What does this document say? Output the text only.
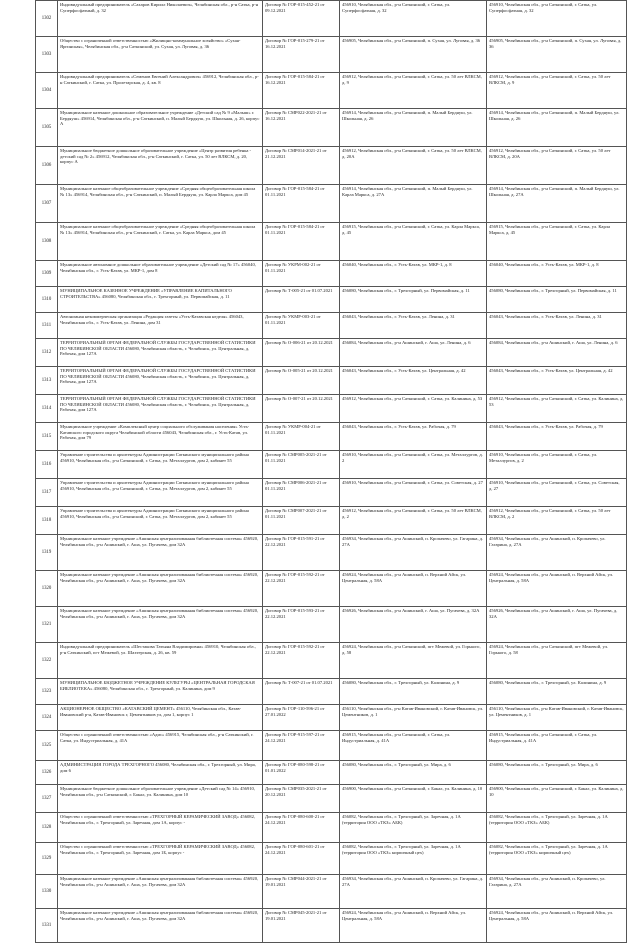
1302	Индивидуальный предприниматель «Сахаров Кирилл Николаевич», Челябинская обл., р-н Сатка, р-н Суперфосфатный, д. 32	Договор № ГОР-015-452-21 от 09.12.2021	456910, Челябинская обл., р-н Саткинский, г. Сатка, ул. Суперфосфатная, д. 32	456910, Челябинская обл., р-н Саткинский, г. Сатка, ул. Суперфосфатная, д. 32
1303	Общество с ограниченной ответственностью «Жилищно-коммунальное хозяйство» «Сухая-Яргинская», Челябинская обл., р-н Саткинский, ул. Сухая, ул. Луговая, д. 36	Договор № ГОР-015-279-21 от 16.12.2021	456905, Челябинская обл., р-н Саткинский, п. Сухая, ул. Луговая, д. 36	456905, Челябинская обл., р-н Саткинский, п. Сухая, ул. Луговая, д. 36
1304	Индивидуальный предприниматель «Семенов Евгений Александрович» 456912, Челябинская обл., р-н Саткинский, г. Сатка, ул. Пролетарская, д. 4, кв. 8	Договор № ГОР-015-584-21 от 16.12.2021	456912, Челябинская обл., р-н Саткинский, г. Сатка, ул. 50 лет ВЛКСМ, д. 9	456912, Челябинская обл., р-н Саткинский, г. Сатка, ул. 50 лет ВЛКСМ, д. 9
1305	Муниципальное казенное дошкольное образовательное учреждение «Детский сад № 9 «Малыш» г. Бердяуш» 456914, Челябинская обл., р-н Саткинский, п. Малый Бердяуш, ул. Школьная, д. 26, корпус А	Договор № СМР022-2021-21 от 16.12.2021	456914, Челябинская обл., р-н Саткинский, п. Малый Бердяуш, ул. Школьная, д. 26	456914, Челябинская обл., р-н Саткинский, п. Малый Бердяуш, ул. Школьная, д. 26
1306	Муниципальное бюджетное дошкольное образовательное учреждение «Центр развития ребенка - детский сад № 2» 456912, Челябинская обл., р-н Саткинский, г. Сатка, ул. 50 лет ВЛКСМ, д. 20, корпус А	Договор № СМР014-2021-21 от 21.12.2021	456912, Челябинская обл., р-н Саткинский, г. Сатка, ул. 50 лет ВЛКСМ, д. 20А	456912, Челябинская обл., р-н Саткинский, г. Сатка, ул. 50 лет ВЛКСМ, д. 20А
1307	Муниципальное казенное общеобразовательное учреждение «Средняя общеобразовательная школа № 13» 456914, Челябинская обл., р-н Саткинский, п. Малый Бердяуш, ул. Карла Маркса, дом 45	Договор № ГОР-015-584-21 от 01.11.2021	456914, Челябинская обл., р-н Саткинский, п. Малый Бердяуш, ул. Карла Маркса, д. 27А	456914, Челябинская обл., р-н Саткинский, п. Малый Бердяуш, ул. Школьная, д. 27А
1308	Муниципальное казенное общеобразовательное учреждение «Средняя общеобразовательная школа № 13» 456914, Челябинская обл., р-н Саткинский, г. Сатка, ул. Карла Маркса, дом 45	Договор № ГОР-015-584-21 от 01.11.2021	456915, Челябинская обл., р-н Саткинский, г. Сатка, ул. Карла Маркса, д. 45	456915, Челябинская обл., р-н Саткинский, г. Сатка, ул. Карла Маркса, д. 45
1309	Муниципальное автономное дошкольное образовательное учреждение «Детский сад № 17» 456040, Челябинская обл., г. Усть-Катав, ул. МКР-1, дом 8	Договор № УКРМ-002-21 от 01.11.2021	456040, Челябинская обл., г. Усть-Катав, ул. МКР-1, д. 8	456040, Челябинская обл., г. Усть-Катав, ул. МКР-1, д. 8
1310	МУНИЦИПАЛЬНОЕ КАЗЕННОЕ УЧРЕЖДЕНИЕ «УПРАВЛЕНИЕ КАПИТАЛЬНОГО СТРОИТЕЛЬСТВА» 456080, Челябинская обл., г. Трехгорный, ул. Первомайская, д. 11	Договор № Т-005-21 от 01.07.2021	456080, Челябинская обл., г. Трехгорный, ул. Первомайская, д. 11	456080, Челябинская обл., г. Трехгорный, ул. Первомайская, д. 11
1311	Автономная некоммерческая организация «Редакция газеты «Усть-Катавская неделя» 456043, Челябинская обл., г. Усть-Катав, ул. Ленина, дом 31	Договор № УКМР-003-21 от 01.11.2021	456043, Челябинская обл., г. Усть-Катав, ул. Ленина, д. 31	456043, Челябинская обл., г. Усть-Катав, ул. Ленина, д. 31
1312	ТЕРРИТОРИАЛЬНЫЙ ОРГАН ФЕДЕРАЛЬНОЙ СЛУЖБЫ ГОСУДАРСТВЕННОЙ СТАТИСТИКИ ПО ЧЕЛЯБИНСКОЙ ОБЛАСТИ 456080, Челябинская область, г. Челябинск, ул. Центральная, д. Рабочая, дом 127А	Договор № О-006-21 от 20.12.2021	456084, Челябинская обл., р-н Ашинский, г. Аша, ул. Ленина, д. 6	456084, Челябинская обл., р-н Ашинский, г. Аша, ул. Ленина, д. 6
1313	ТЕРРИТОРИАЛЬНЫЙ ОРГАН ФЕДЕРАЛЬНОЙ СЛУЖБЫ ГОСУДАРСТВЕННОЙ СТАТИСТИКИ ПО ЧЕЛЯБИНСКОЙ ОБЛАСТИ 456080, Челябинская область, г. Челябинск, ул. Центральная, д. Рабочая, дом 127А	Договор № О-005-21 от 20.12.2021	456043, Челябинская обл., г. Усть-Катав, ул. Центральная, д. 42	456043, Челябинская обл., г. Усть-Катав, ул. Центральная, д. 42
1314	ТЕРРИТОРИАЛЬНЫЙ ОРГАН ФЕДЕРАЛЬНОЙ СЛУЖБЫ ГОСУДАРСТВЕННОЙ СТАТИСТИКИ ПО ЧЕЛЯБИНСКОЙ ОБЛАСТИ 456080, Челябинская область, г. Челябинск, ул. Центральная, д. Рабочая, дом 127А	Договор № О-007-21 от 20.12.2021	456912, Челябинская обл., р-н Саткинский, г. Сатка, ул. Калинина, д. 53	456912, Челябинская обл., р-н Саткинский, г. Сатка, ул. Калинина, д. 53
1315	Муниципальное учреждение «Комплексный центр социального обслуживания населения» Усть-Катавского городского округа Челябинской области 456043, Челябинская обл., г. Усть-Катав, ул. Рабочая, дом 79	Договор № УКМР-004-21 от 01.11.2021	456043, Челябинская обл., г. Усть-Катав, ул. Рабочая, д. 79	456043, Челябинская обл., г. Усть-Катав, ул. Рабочая, д. 79
1316	Управление строительства и архитектуры Администрации Саткинского муниципального района 456910, Челябинская обл., р-н Саткинский, г. Сатка, ул. Металлургов, дом 2, кабинет 55	Договор № СМР005-2021-21 от 01.11.2021	456910, Челябинская обл., р-н Саткинский, г. Сатка, ул. Металлургов, д. 2	456910, Челябинская обл., р-н Саткинский, г. Сатка, ул. Металлургов, д. 2
1317	Управление строительства и архитектуры Администрации Саткинского муниципального района 456910, Челябинская обл., р-н Саткинский, г. Сатка, ул. Металлургов, дом 2, кабинет 55	Договор № СМР006-2021-21 от 01.11.2021	456910, Челябинская обл., р-н Саткинский, г. Сатка, ул. Советская, д. 27	456910, Челябинская обл., р-н Саткинский, г. Сатка, ул. Советская, д. 27
1318	Управление строительства и архитектуры Администрации Саткинского муниципального района 456910, Челябинская обл., р-н Саткинский, г. Сатка, ул. Металлургов, дом 2, кабинет 55	Договор № СМР007-2021-21 от 01.11.2021	456912, Челябинская обл., р-н Саткинский, г. Сатка, ул. 50 лет ВЛКСМ, д. 2	456912, Челябинская обл., р-н Саткинский, г. Сатка, ул. 50 лет ВЛКСМ, д. 2
1319	Муниципальное казенное учреждение «Ашинская централизованная библиотечная система» 456920, Челябинская обл., р-н Ашинский, г. Аша, ул. Пугачева, дом 32А	Договор № ГОР-015-591-21 от 22.12.2021	456934, Челябинская обл., р-н Ашинский, п. Кропачево, ул. Гагарина, д. 27А	456934, Челябинская обл., р-н Ашинский, п. Кропачево, ул. Гагарина, д. 27А
1320	Муниципальное казенное учреждение «Ашинская централизованная библиотечная система» 456920, Челябинская обл., р-н Ашинский, г. Аша, ул. Пугачева, дом 32А	Договор № ГОР-015-592-21 от 22.12.2021	456924, Челябинская обл., р-н Ашинский, п. Верхний Айск, ул. Центральная, д. 58А	456924, Челябинская обл., р-н Ашинский, п. Верхний Айск, ул. Центральная, д. 58А
1321	Муниципальное казенное учреждение «Ашинская централизованная библиотечная система» 456920, Челябинская обл., р-н Ашинский, г. Аша, ул. Пугачева, дом 32А	Договор № ГОР-015-593-21 от 22.12.2021	456926, Челябинская обл., р-н Ашинский, г. Аша, ул. Пугачева, д. 32А	456926, Челябинская обл., р-н Ашинский, г. Аша, ул. Пугачева, д. 32А
1322	Индивидуальный предприниматель «Шестакова Татьяна Владимировна» 456910, Челябинская обл., р-н Саткинский, пгт Межевой, ул. Шахтерская, д. 26, кв. 59	Договор № ГОР-015-592-21 от 22.12.2021	456924, Челябинская обл., р-н Саткинский, пгт Межевой, ул. Горького, д. 58	456924, Челябинская обл., р-н Саткинский, пгт Межевой, ул. Горького, д. 58
1323	МУНИЦИПАЛЬНОЕ БЮДЖЕТНОЕ УЧРЕЖДЕНИЕ КУЛЬТУРЫ «ЦЕНТРАЛЬНАЯ ГОРОДСКАЯ БИБЛИОТЕКА» 456080, Челябинская обл., г. Трехгорный, ул. Калинина, дом 9	Договор № Т-007-21 от 01.07.2021	456080, Челябинская обл., г. Трехгорный, ул. Калинина, д. 9	456080, Челябинская обл., г. Трехгорный, ул. Калинина, д. 9
1324	АКЦИОНЕРНОЕ ОБЩЕСТВО «КАТАВСКИЙ ЦЕМЕНТ» 456110, Челябинская обл., Катав-Ивановский р-н, Катав-Ивановск г, Цементников ул, дом 1, корпус 1	Договор № ГОР-110-596-21 от 27.01.2022	456110, Челябинская обл., р-н Катав-Ивановский, г. Катав-Ивановск, ул. Цементников, д. 1	456110, Челябинская обл., р-н Катав-Ивановский, г. Катав-Ивановск, ул. Цементников, д. 1
1325	Общество с ограниченной ответственностью «Адис» 456915, Челябинская обл., р-н Саткинский, г. Сатка, ул. Индустриальная, д. 41А	Договор № ГОР-915-597-21 от 24.12.2021	456915, Челябинская обл., р-н Саткинский, г. Сатка, ул. Индустриальная, д. 41А	456915, Челябинская обл., р-н Саткинский, г. Сатка, ул. Индустриальная, д. 41А
1326	АДМИНИСТРАЦИЯ ГОРОДА ТРЕХГОРНОГО 456080, Челябинская обл., г. Трехгорный, ул. Мира, дом 6	Договор № ГОР-080-598-21 от 01.01.2022	456080, Челябинская обл., г. Трехгорный, ул. Мира, д. 6	456080, Челябинская обл., г. Трехгорный, ул. Мира, д. 6
1327	Муниципальное бюджетное дошкольное образовательное учреждение «Детский сад № 14» 456910, Челябинская обл., р-н Саткинский, г. Бакал, ул. Калинина, дом 10	Договор № СМР035-2021-21 от 20.12.2021	456900, Челябинская обл., р-н Саткинский, г. Бакал, ул. Калинина, д. 10	456900, Челябинская обл., р-н Саткинский, г. Бакал, ул. Калинина, д. 10
1328	Общество с ограниченной ответственностью «ТРЕХГОРНЫЙ КЕРАМИЧЕСКИЙ ЗАВОД» 456082, Челябинская обл., г. Трехгорный, ул. Заречная, дом 1А, корпус -	Договор № ГОР-080-600-21 от 24.12.2021	456082, Челябинская обл., г. Трехгорный, ул. Заречная, д. 1А (территория ООО «ТКЗ» АБК)	456082, Челябинская обл., г. Трехгорный, ул. Заречная, д. 1А (территория ООО «ТКЗ» АБК)
1329	Общество с ограниченной ответственностью «ТРЕХГОРНЫЙ КЕРАМИЧЕСКИЙ ЗАВОД» 456082, Челябинская обл., г. Трехгорный, ул. Заречная, дом 1Б, корпус -	Договор № ГОР-080-601-21 от 24.12.2021	456082, Челябинская обл., г. Трехгорный, ул. Заречная, д. 1А (территория ООО «ТКЗ» кирпичный цех)	456082, Челябинская обл., г. Трехгорный, ул. Заречная, д. 1А (территория ООО «ТКЗ» кирпичный цех)
1330	Муниципальное казенное учреждение «Ашинская централизованная библиотечная система» 456920, Челябинская обл., р-н Ашинский, г. Аша, ул. Пугачева, дом 32А	Договор № СМР044-2021-21 от 19.01.2021	456934, Челябинская обл., р-н Ашинский, п. Кропачево, ул. Гагарина, д. 27А	456934, Челябинская обл., р-н Ашинский, п. Кропачево, ул. Гагарина, д. 27А
1331	Муниципальное казенное учреждение «Ашинская централизованная библиотечная система» 456920, Челябинская обл., р-н Ашинский, г. Аша, ул. Пугачева, дом 32А	Договор № СМР045-2021-21 от 19.01.2021	456924, Челябинская обл., р-н Ашинский, п. Верхний Айск, ул. Центральная, д. 58А	456924, Челябинская обл., р-н Ашинский, п. Верхний Айск, ул. Центральная, д. 58А
